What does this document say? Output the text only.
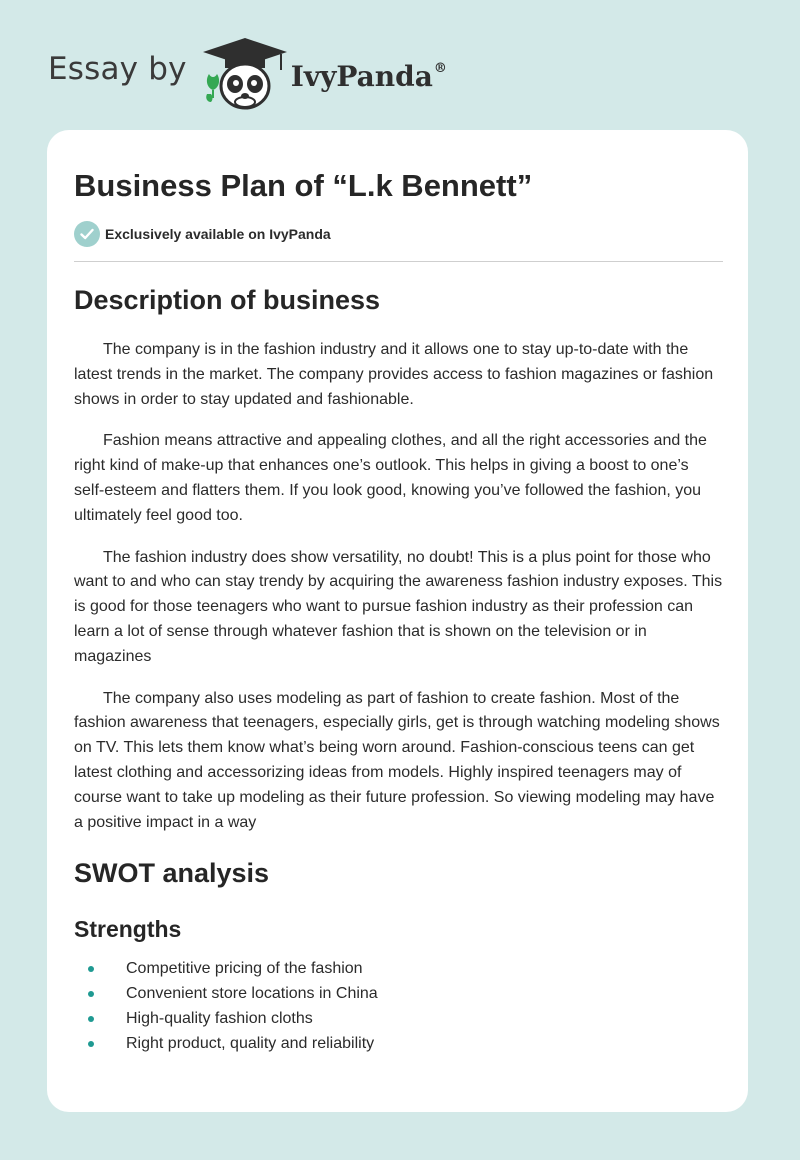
Essay by	IvyPanda®
Business Plan of “L.k Bennett”
Exclusively available on IvyPanda
Description of business

The company is in the fashion industry and it allows one to stay up-to-date with the latest trends in the market. The company provides access to fashion magazines or fashion shows in order to stay updated and fashionable.

Fashion means attractive and appealing clothes, and all the right accessories and the right kind of make-up that enhances one’s outlook. This helps in giving a boost to one’s self-esteem and flatters them. If you look good, knowing you’ve followed the fashion, you ultimately feel good too.

The fashion industry does show versatility, no doubt! This is a plus point for those who want to and who can stay trendy by acquiring the awareness fashion industry exposes. This is good for those teenagers who want to pursue fashion industry as their profession can learn a lot of sense through whatever fashion that is shown on the television or in magazines

The company also uses modeling as part of fashion to create fashion. Most of the fashion awareness that teenagers, especially girls, get is through watching modeling shows on TV. This lets them know what’s being worn around. Fashion-conscious teens can get latest clothing and accessorizing ideas from models. Highly inspired teenagers may of course want to take up modeling as their future profession. So viewing modeling may have a positive impact in a way

SWOT analysis
Strengths
Competitive pricing of the fashion
Convenient store locations in China
High-quality fashion cloths
Right product, quality and reliability
